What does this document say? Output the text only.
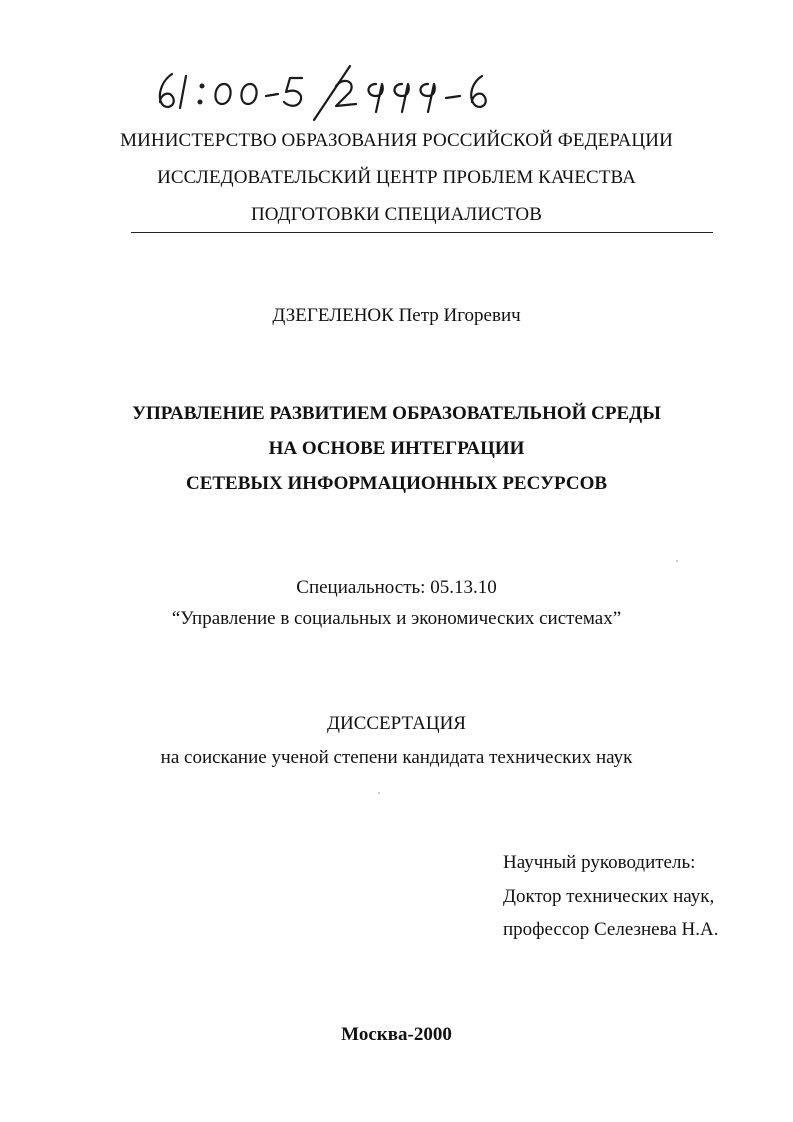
МИНИСТЕРСТВО ОБРАЗОВАНИЯ РОССИЙСКОЙ ФЕДЕРАЦИИ
ИССЛЕДОВАТЕЛЬСКИЙ ЦЕНТР ПРОБЛЕМ КАЧЕСТВА
ПОДГОТОВКИ СПЕЦИАЛИСТОВ
ДЗЕГЕЛЕНОК Петр Игоревич
УПРАВЛЕНИЕ РАЗВИТИЕМ ОБРАЗОВАТЕЛЬНОЙ СРЕДЫ
НА ОСНОВЕ ИНТЕГРАЦИИ
СЕТЕВЫХ ИНФОРМАЦИОННЫХ РЕСУРСОВ
Специальность: 05.13.10
“Управление в социальных и экономических системах”
ДИССЕРТАЦИЯ
на соискание ученой степени кандидата технических наук
Научный руководитель:
Доктор технических наук,
профессор Селезнева Н.А.
Москва-2000
